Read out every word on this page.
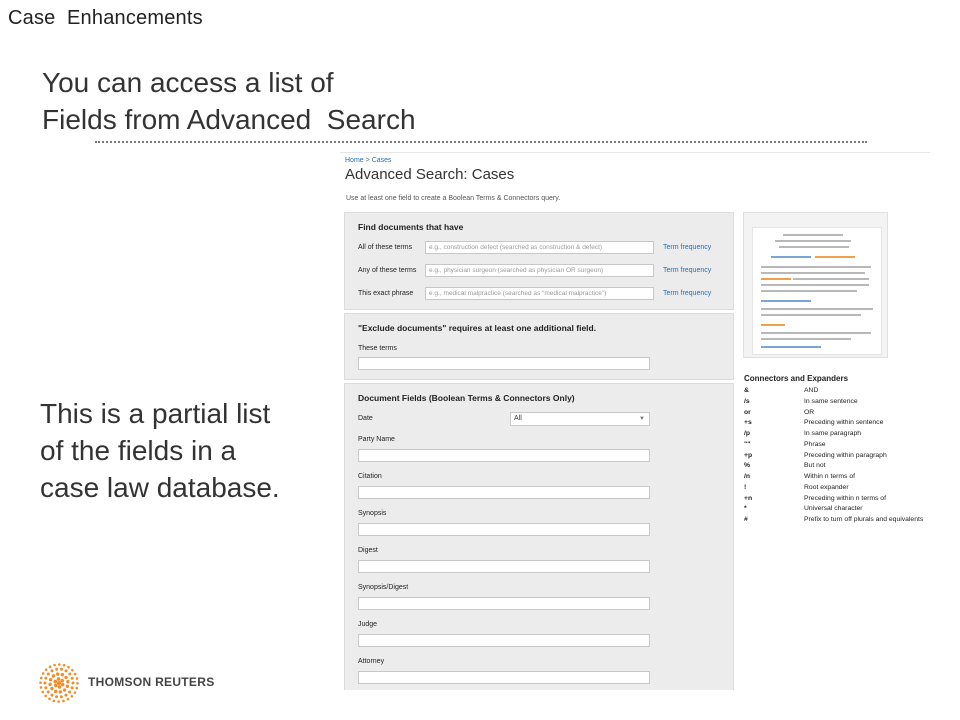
Case  Enhancements
You can access a list of
Fields from Advanced  Search
This is a partial list
of the fields in a
case law database.
Home > Cases
Advanced Search: Cases
Use at least one field to create a Boolean Terms & Connectors query.
Find documents that have
All of these terms	e.g., construction defect (searched as construction & defect)	Term frequency
Any of these terms	e.g., physician surgeon (searched as physician OR surgeon)	Term frequency
This exact phrase	e.g., medical malpractice (searched as "medical malpractice")	Term frequency
"Exclude documents" requires at least one additional field.
These terms
Document Fields (Boolean Terms & Connectors Only)
Date	All	▼
Party Name
Citation
Synopsis
Digest
Synopsis/Digest
Judge
Attorney
Connectors and Expanders
&	AND
/s	In same sentence
or	OR
+s	Preceding within sentence
/p	In same paragraph
""	Phrase
+p	Preceding within paragraph
%	But not
/n	Within n terms of
!	Root expander
+n	Preceding within n terms of
*	Universal character
#	Prefix to turn off plurals and equivalents
THOMSON REUTERS
